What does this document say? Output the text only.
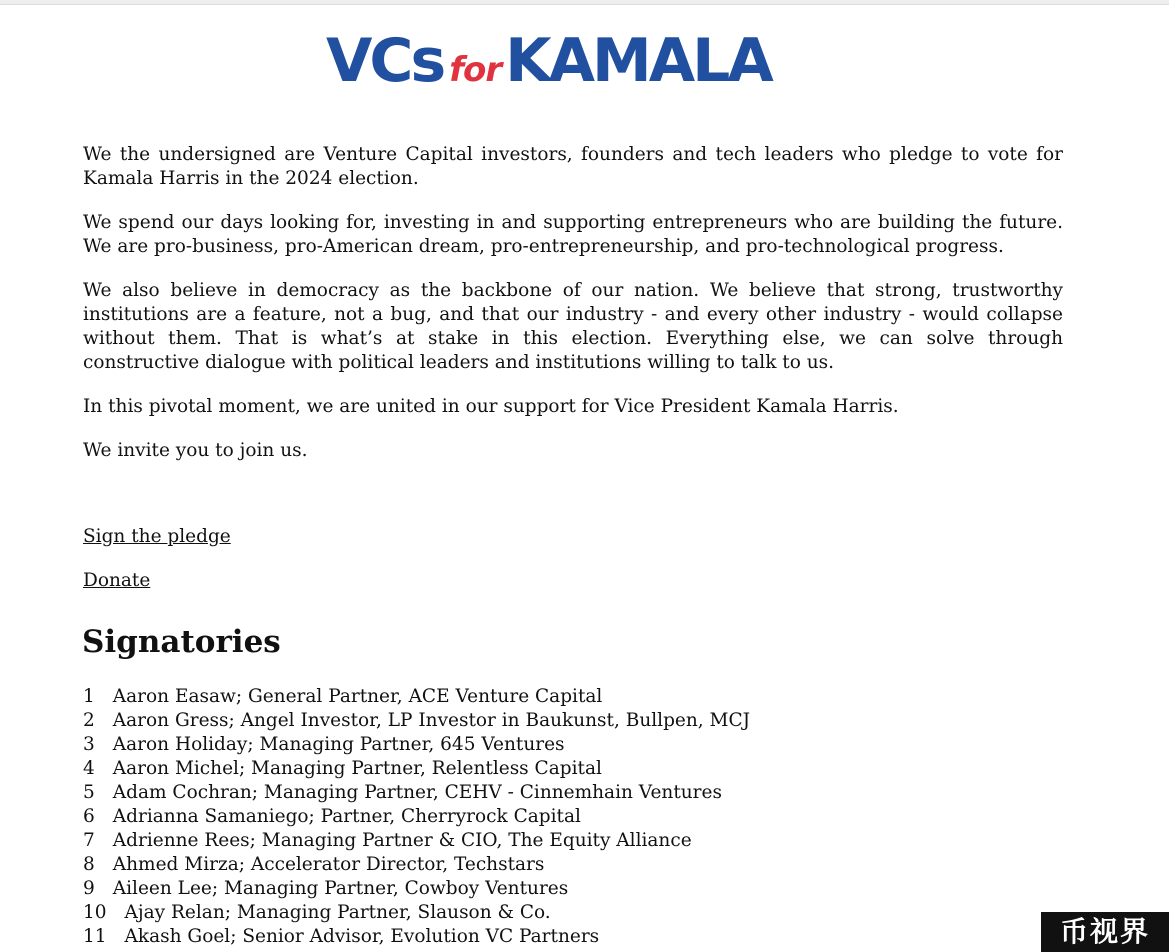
VCs for KAMALA

We the undersigned are Venture Capital investors, founders and tech leaders who pledge to vote for Kamala Harris in the 2024 election.

We spend our days looking for, investing in and supporting entrepreneurs who are building the future. We are pro-business, pro-American dream, pro-entrepreneurship, and pro-technological progress.

We also believe in democracy as the backbone of our nation. We believe that strong, trustworthy institutions are a feature, not a bug, and that our industry - and every other industry - would collapse without them. That is what’s at stake in this election. Everything else, we can solve through constructive dialogue with political leaders and institutions willing to talk to us.

In this pivotal moment, we are united in our support for Vice President Kamala Harris.

We invite you to join us.

Sign the pledge
Donate
Signatories
1 Aaron Easaw; General Partner, ACE Venture Capital
2 Aaron Gress; Angel Investor, LP Investor in Baukunst, Bullpen, MCJ
3 Aaron Holiday; Managing Partner, 645 Ventures
4 Aaron Michel; Managing Partner, Relentless Capital
5 Adam Cochran; Managing Partner, CEHV - Cinnemhain Ventures
6 Adrianna Samaniego; Partner, Cherryrock Capital
7 Adrienne Rees; Managing Partner & CIO, The Equity Alliance
8 Ahmed Mirza; Accelerator Director, Techstars
9 Aileen Lee; Managing Partner, Cowboy Ventures
10 Ajay Relan; Managing Partner, Slauson & Co.
11 Akash Goel; Senior Advisor, Evolution VC Partners	币视界
